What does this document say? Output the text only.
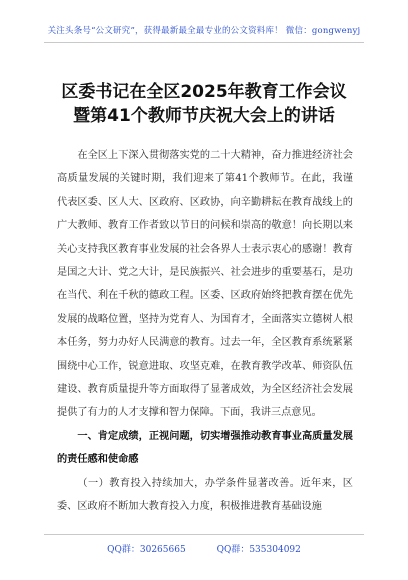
关注头条号“公文研究”，获得最新最全最专业的公文资料库！ 微信：gongwenyj
区委书记在全区2025年教育工作会议
暨第41个教师节庆祝大会上的讲话

在全区上下深入贯彻落实党的二十大精神，奋力推进经济社会高质量发展的关键时期，我们迎来了第41个教师节。在此，我谨代表区委、区人大、区政府、区政协，向辛勤耕耘在教育战线上的广大教师、教育工作者致以节日的问候和崇高的敬意！向长期以来关心支持我区教育事业发展的社会各界人士表示衷心的感谢！教育是国之大计、党之大计，是民族振兴、社会进步的重要基石，是功在当代、利在千秋的德政工程。区委、区政府始终把教育摆在优先发展的战略位置，坚持为党育人、为国育才，全面落实立德树人根本任务，努力办好人民满意的教育。过去一年，全区教育系统紧紧围绕中心工作，锐意进取、攻坚克难，在教育教学改革、师资队伍建设、教育质量提升等方面取得了显著成效，为全区经济社会发展提供了有力的人才支撑和智力保障。下面，我讲三点意见。

一、肯定成绩，正视问题，切实增强推动教育事业高质量发展的责任感和使命感

（一）教育投入持续加大，办学条件显著改善。近年来，区委、区政府不断加大教育投入力度，积极推进教育基础设施

QQ群：30265665	QQ群：535304092
